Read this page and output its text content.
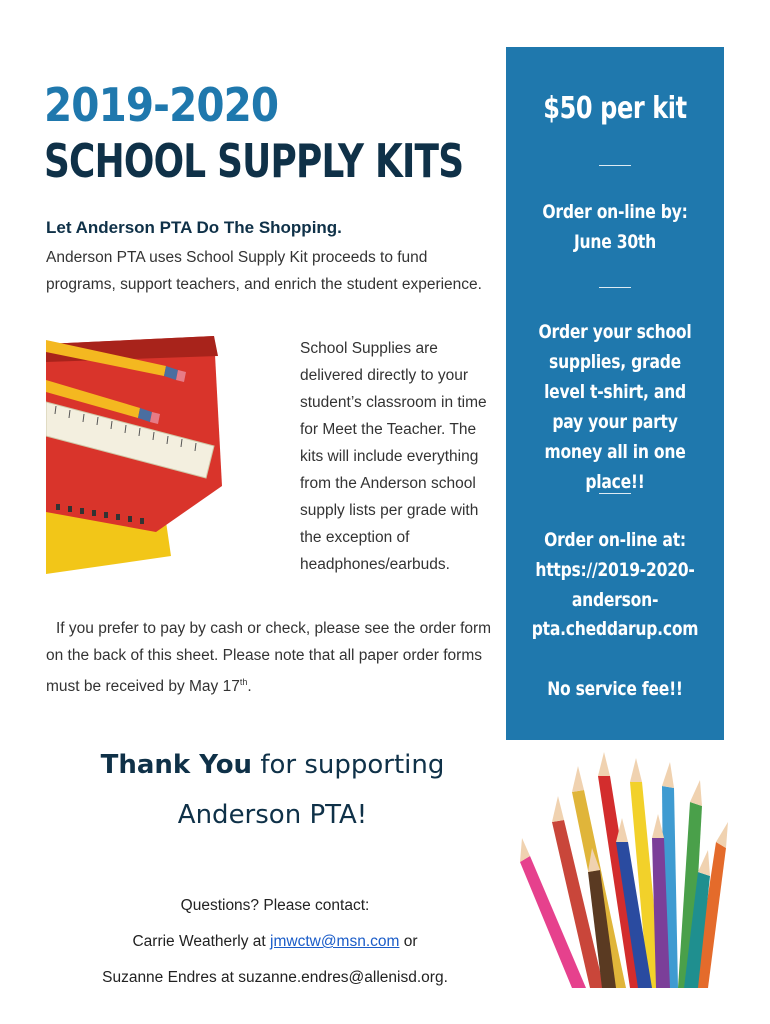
2019-2020
SCHOOL SUPPLY KITS

Let Anderson PTA Do The Shopping.

Anderson PTA uses School Supply Kit proceeds to fund programs, support teachers, and enrich the student experience.

School Supplies are delivered directly to your student’s classroom in time for Meet the Teacher. The kits will include everything from the Anderson school supply lists per grade with the exception of headphones/earbuds.

If you prefer to pay by cash or check, please see the order form on the back of this sheet. Please note that all paper order forms must be received by May 17th.

$50 per kit
Order on-line by:
June 30th
Order your school supplies, grade level t-shirt, and pay your party money all in one place!!
Order on-line at:
https://2019-2020-
anderson-
pta.cheddarup.com
No service fee!!
Thank You for supporting
Anderson PTA!
Questions? Please contact:
Carrie Weatherly at jmwctw@msn.com or
Suzanne Endres at suzanne.endres@allenisd.org.
